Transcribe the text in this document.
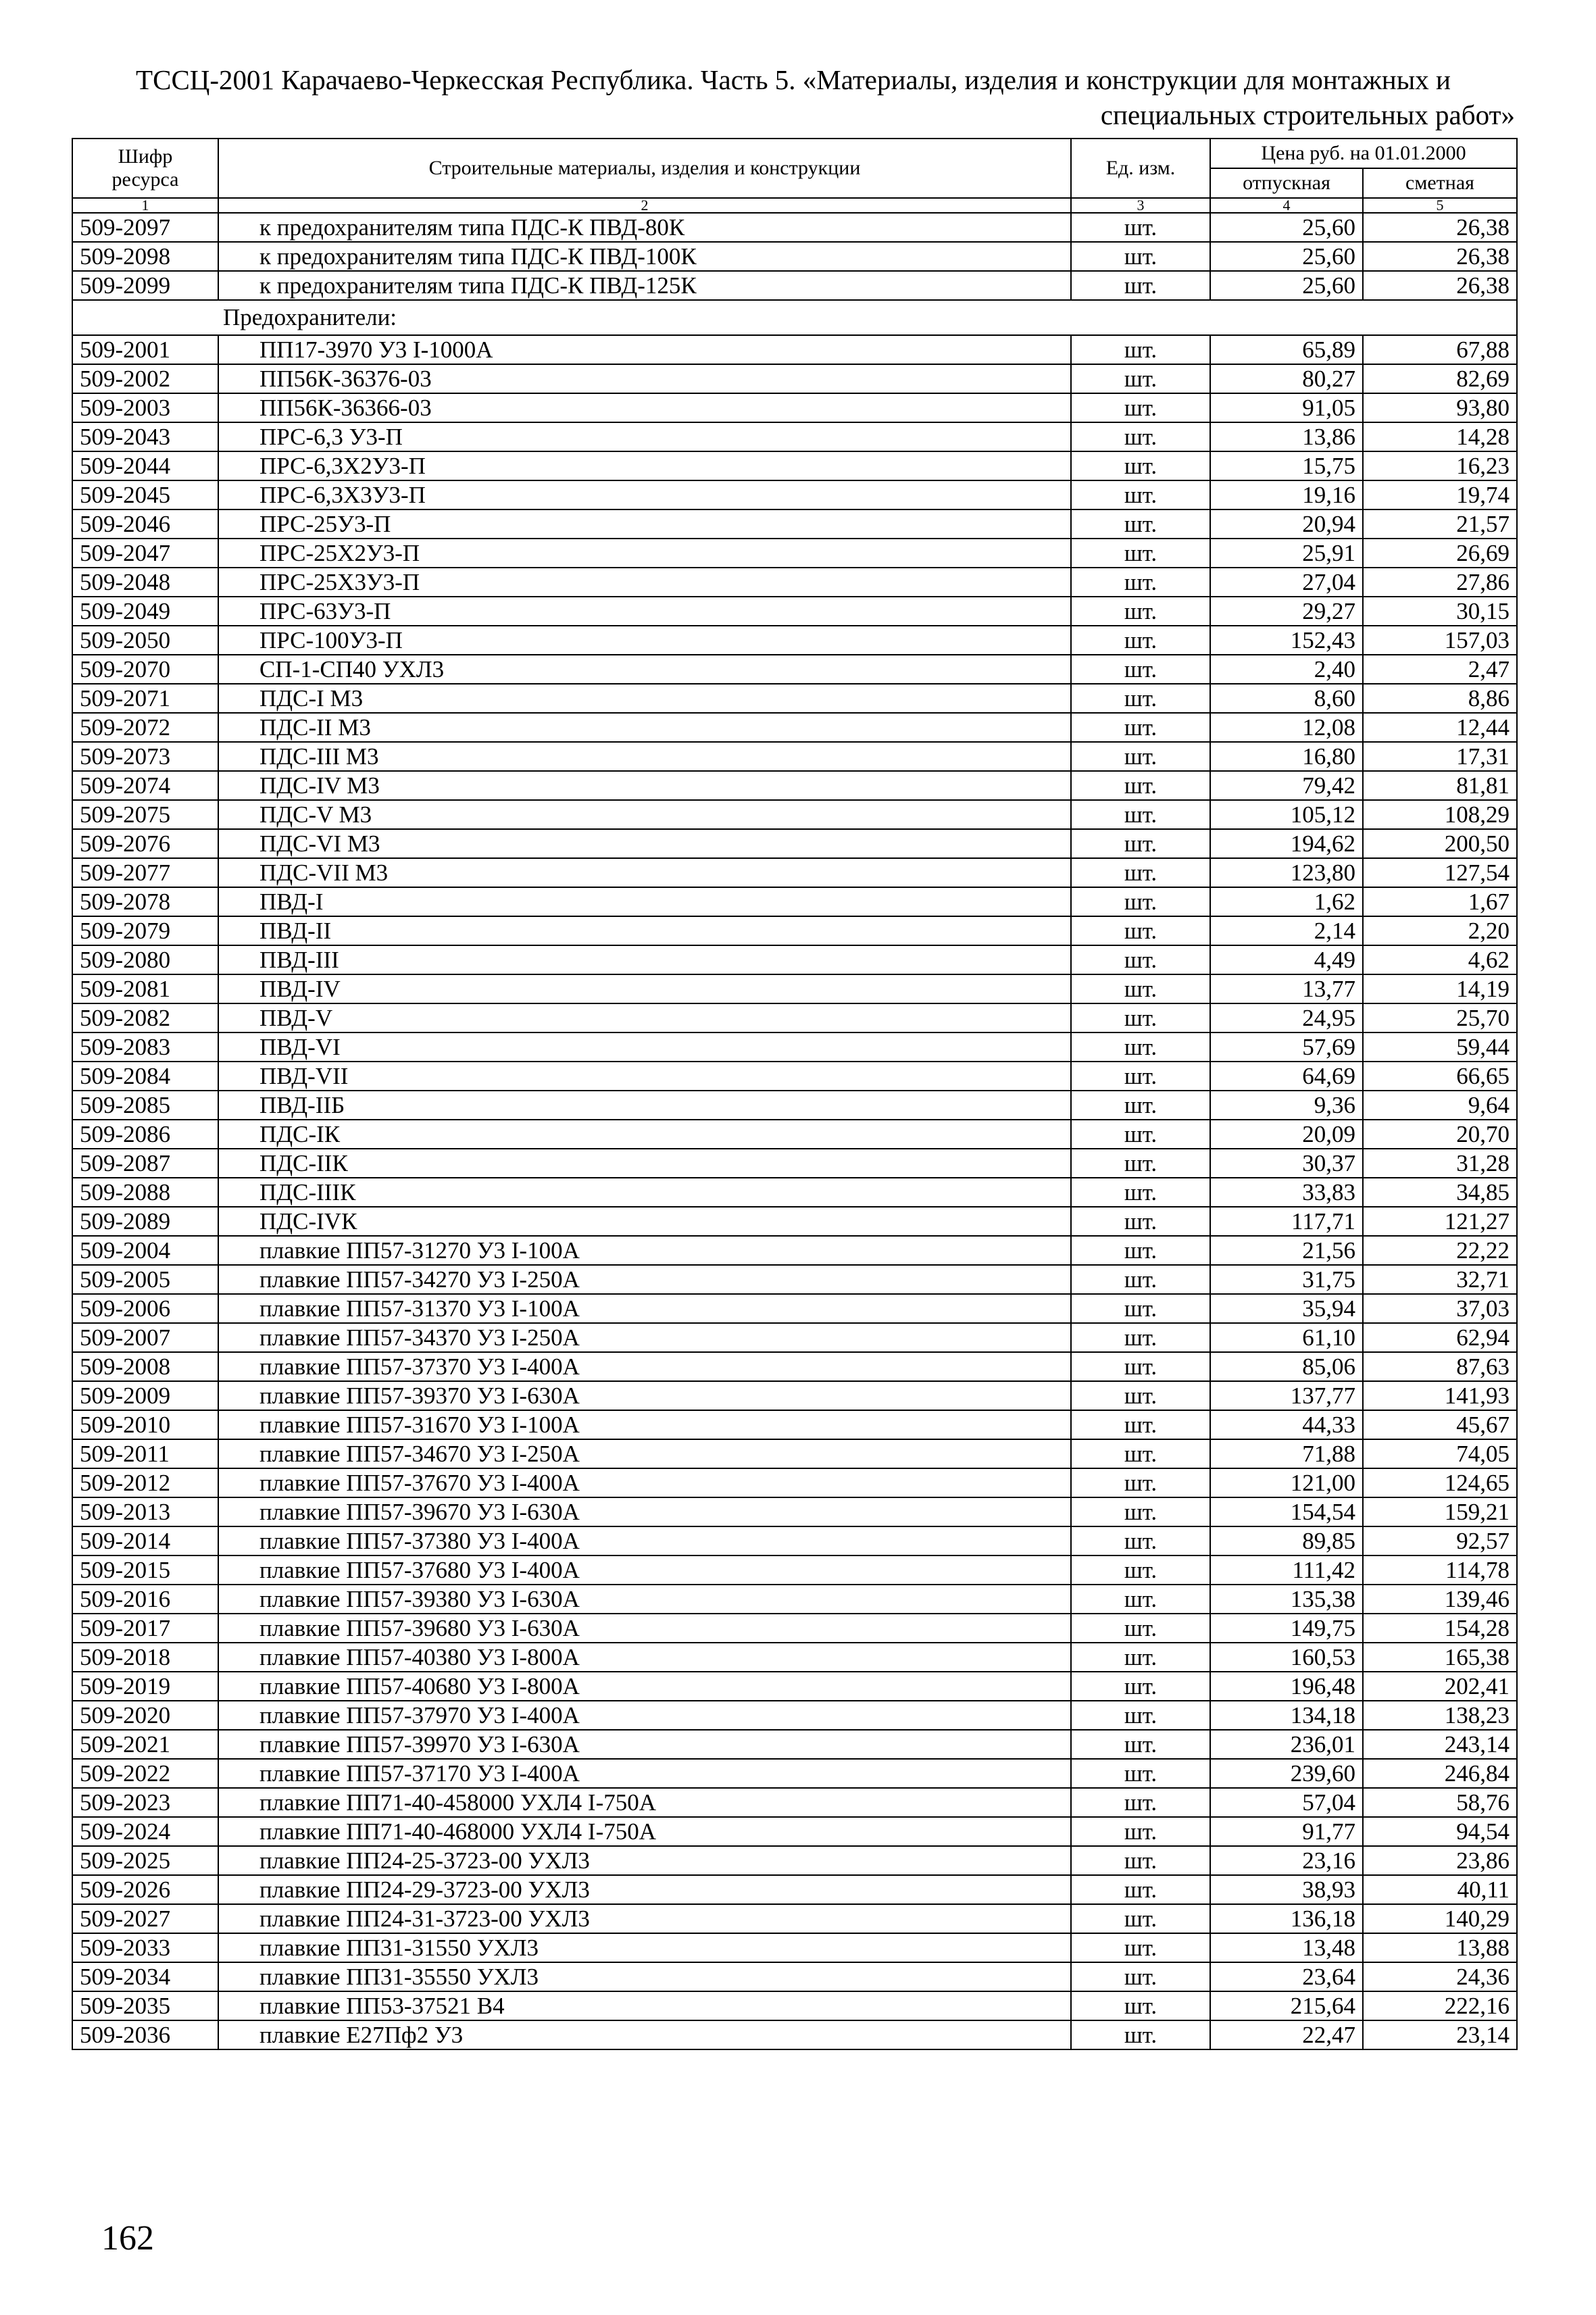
ТССЦ-2001 Карачаево-Черкесская Республика. Часть 5. «Материалы, изделия и конструкции для монтажных и
специальных строительных работ»
Шифр ресурса	Строительные материалы, изделия и конструкции	Ед. изм.	Цена руб. на 01.01.2000	
			отпускная	сметная
1	2	3	4	5
509-2097	к предохранителям типа ПДС-К ПВД-80К	шт.	25,60	26,38
509-2098	к предохранителям типа ПДС-К ПВД-100К	шт.	25,60	26,38
509-2099	к предохранителям типа ПДС-К ПВД-125К	шт.	25,60	26,38
Предохранители:				
509-2001	ПП17-3970 У3 I-1000А	шт.	65,89	67,88
509-2002	ПП56К-36376-03	шт.	80,27	82,69
509-2003	ПП56К-36366-03	шт.	91,05	93,80
509-2043	ПРС-6,3 У3-П	шт.	13,86	14,28
509-2044	ПРС-6,3Х2У3-П	шт.	15,75	16,23
509-2045	ПРС-6,3Х3У3-П	шт.	19,16	19,74
509-2046	ПРС-25У3-П	шт.	20,94	21,57
509-2047	ПРС-25Х2У3-П	шт.	25,91	26,69
509-2048	ПРС-25Х3У3-П	шт.	27,04	27,86
509-2049	ПРС-63У3-П	шт.	29,27	30,15
509-2050	ПРС-100У3-П	шт.	152,43	157,03
509-2070	СП-1-СП40 УХЛ3	шт.	2,40	2,47
509-2071	ПДС-I М3	шт.	8,60	8,86
509-2072	ПДС-II М3	шт.	12,08	12,44
509-2073	ПДС-III М3	шт.	16,80	17,31
509-2074	ПДС-IV М3	шт.	79,42	81,81
509-2075	ПДС-V М3	шт.	105,12	108,29
509-2076	ПДС-VI М3	шт.	194,62	200,50
509-2077	ПДС-VII М3	шт.	123,80	127,54
509-2078	ПВД-I	шт.	1,62	1,67
509-2079	ПВД-II	шт.	2,14	2,20
509-2080	ПВД-III	шт.	4,49	4,62
509-2081	ПВД-IV	шт.	13,77	14,19
509-2082	ПВД-V	шт.	24,95	25,70
509-2083	ПВД-VI	шт.	57,69	59,44
509-2084	ПВД-VII	шт.	64,69	66,65
509-2085	ПВД-IIБ	шт.	9,36	9,64
509-2086	ПДС-IК	шт.	20,09	20,70
509-2087	ПДС-IIК	шт.	30,37	31,28
509-2088	ПДС-IIIК	шт.	33,83	34,85
509-2089	ПДС-IVК	шт.	117,71	121,27
509-2004	плавкие ПП57-31270 У3 I-100А	шт.	21,56	22,22
509-2005	плавкие ПП57-34270 У3 I-250А	шт.	31,75	32,71
509-2006	плавкие ПП57-31370 У3 I-100А	шт.	35,94	37,03
509-2007	плавкие ПП57-34370 У3 I-250А	шт.	61,10	62,94
509-2008	плавкие ПП57-37370 У3 I-400А	шт.	85,06	87,63
509-2009	плавкие ПП57-39370 У3 I-630А	шт.	137,77	141,93
509-2010	плавкие ПП57-31670 У3 I-100А	шт.	44,33	45,67
509-2011	плавкие ПП57-34670 У3 I-250А	шт.	71,88	74,05
509-2012	плавкие ПП57-37670 У3 I-400А	шт.	121,00	124,65
509-2013	плавкие ПП57-39670 У3 I-630А	шт.	154,54	159,21
509-2014	плавкие ПП57-37380 У3 I-400А	шт.	89,85	92,57
509-2015	плавкие ПП57-37680 У3 I-400А	шт.	111,42	114,78
509-2016	плавкие ПП57-39380 У3 I-630А	шт.	135,38	139,46
509-2017	плавкие ПП57-39680 У3 I-630А	шт.	149,75	154,28
509-2018	плавкие ПП57-40380 У3 I-800А	шт.	160,53	165,38
509-2019	плавкие ПП57-40680 У3 I-800А	шт.	196,48	202,41
509-2020	плавкие ПП57-37970 У3 I-400А	шт.	134,18	138,23
509-2021	плавкие ПП57-39970 У3 I-630А	шт.	236,01	243,14
509-2022	плавкие ПП57-37170 У3 I-400А	шт.	239,60	246,84
509-2023	плавкие ПП71-40-458000 УХЛ4 I-750А	шт.	57,04	58,76
509-2024	плавкие ПП71-40-468000 УХЛ4 I-750А	шт.	91,77	94,54
509-2025	плавкие ПП24-25-3723-00 УХЛ3	шт.	23,16	23,86
509-2026	плавкие ПП24-29-3723-00 УХЛ3	шт.	38,93	40,11
509-2027	плавкие ПП24-31-3723-00 УХЛ3	шт.	136,18	140,29
509-2033	плавкие ПП31-31550 УХЛ3	шт.	13,48	13,88
509-2034	плавкие ПП31-35550 УХЛ3	шт.	23,64	24,36
509-2035	плавкие ПП53-37521 В4	шт.	215,64	222,16
509-2036	плавкие Е27Пф2 У3	шт.	22,47	23,14
162
